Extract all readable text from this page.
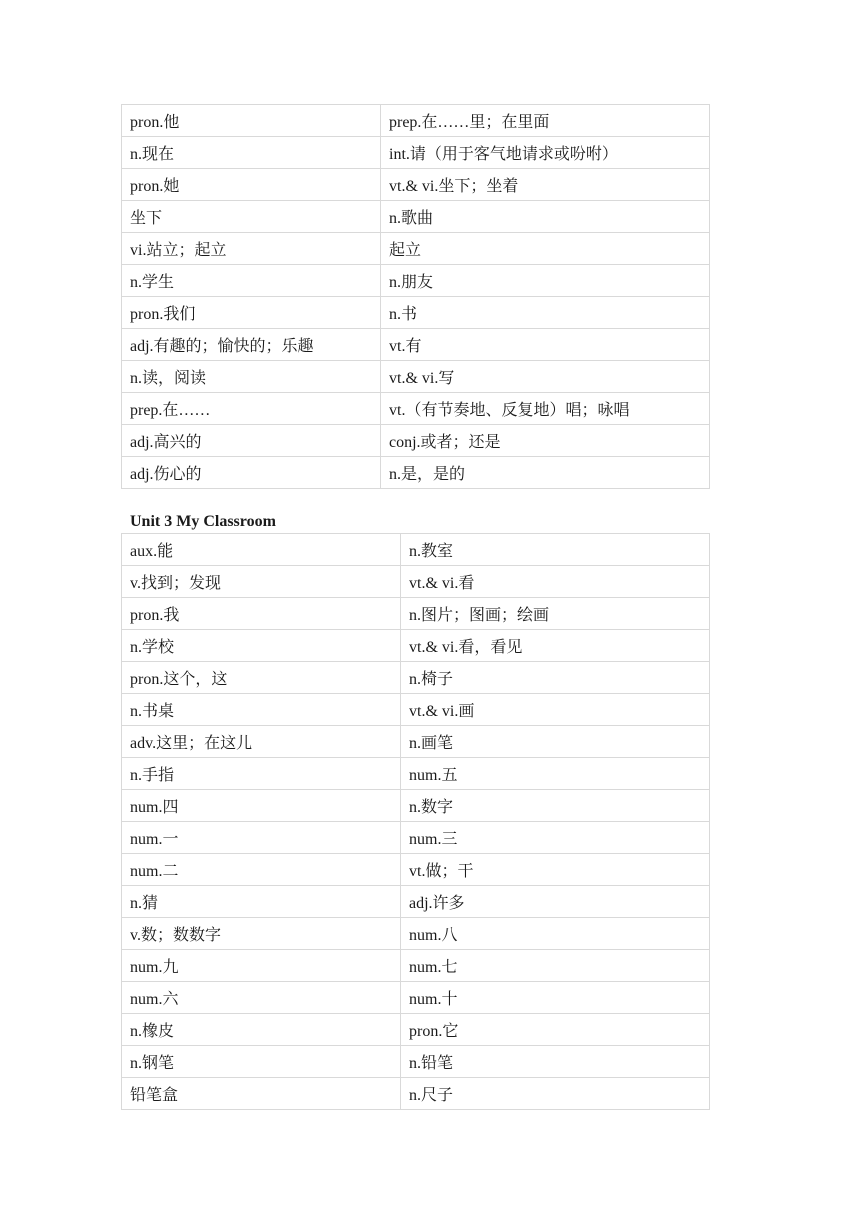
pron.他	prep.在……里；在里面
n.现在	int.请（用于客气地请求或吩咐）
pron.她	vt.& vi.坐下；坐着
坐下	n.歌曲
vi.站立；起立	起立
n.学生	n.朋友
pron.我们	n.书
adj.有趣的；愉快的；乐趣	vt.有
n.读，阅读	vt.& vi.写
prep.在……	vt.（有节奏地、反复地）唱；咏唱
adj.高兴的	conj.或者；还是
adj.伤心的	n.是，是的
Unit 3 My Classroom
aux.能	n.教室
v.找到；发现	vt.& vi.看
pron.我	n.图片；图画；绘画
n.学校	vt.& vi.看，看见
pron.这个，这	n.椅子
n.书桌	vt.& vi.画
adv.这里；在这儿	n.画笔
n.手指	num.五
num.四	n.数字
num.一	num.三
num.二	vt.做；干
n.猜	adj.许多
v.数；数数字	num.八
num.九	num.七
num.六	num.十
n.橡皮	pron.它
n.钢笔	n.铅笔
铅笔盒	n.尺子
